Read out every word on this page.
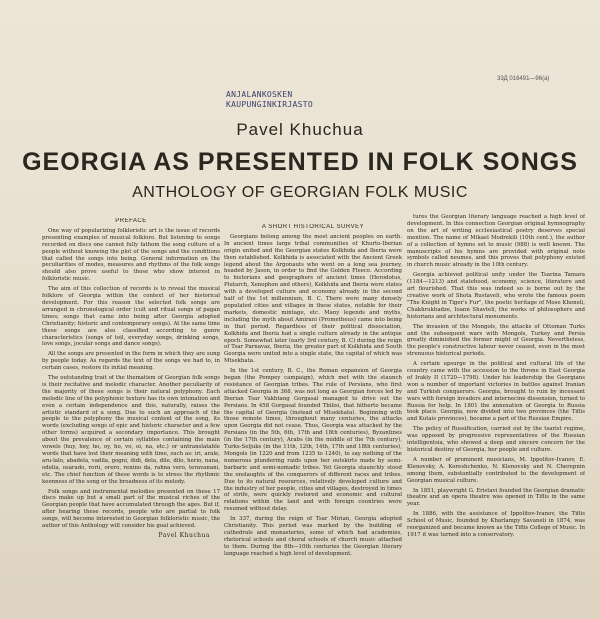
33Д 016491—96(а)
ANJALANKOSKEN
KAUPUNGINKIRJASTO
Pavel Khuchua
GEORGIA AS PRESENTED IN FOLK SONGS
ANTHOLOGY OF GEORGIAN FOLK MUSIC
PREFACE

One way of popularizing folkloristic art is the issue of records presenting examples of musical folklore. But listening to songs recorded on discs one cannot fully fathom the song culture of a people without knowing the plot of the songs and the conditions that called the songs into being. General information on the peculiarities of modes, measures and rhythms of the folk songs should also prove useful to those who show interest in folkloristic music.

The aim of this collection of records is to reveal the musical folklore of Georgia within the context of her historical development. For this reason the selected folk songs are arranged in chronological order (cult and ritual songs of pagan times; songs that came into being after Georgia adopted Christianity; historic and contemporary songs). At the same time these songs are also classified according to genre characteristics (songs of toil, everyday songs, drinking songs, love songs, jocular songs and dance songs).

All the songs are presented in the form in which they are sung by people today. As regards the text of the songs we had to, in certain cases, restore its initial meaning.

The outstanding trait of the thematism of Georgian folk songs is their recitative and melodic character. Another peculiarity of the majority of these songs is their natural polyphony. Each melodic line of the polyphonic texture has its own intonation and even a certain independence and this, naturally, raises the artistic standard of a song. Due to such an approach of the people to the polyphony the musical content of the song, its words (excluding songs of epic and historic character and a few other forms) acquired a secondary importance. This brought about the prevalence of certain syllables containing the main vowels (huy, hey, ho, oy, ho, vo, oi, na, etc.) or untranslatable words that have lost their meaning with time, such as: iri, arale, aru-lalo, abadela, vadila, gogni, didi, dela, dile, dilo, herio, nana, odelia, osarado, rerii, orero, renino da, rahna vero, teravanani, etc. The chief function of these words is to stress the rhythmic keenness of the song or the broadness of its melody.

Folk songs and instrumental melodies presented on these 17 discs make up but a small part of the musical riches of the Georgian people that have accumulated through the ages. But if, after hearing these records, people who are partial to folk songs, will become interested in Georgian folkloristic music, the author of this Anthology will consider his goal achieved.

Pavel Khuchua
A SHORT HISTORICAL SURVEY

Georgians belong among the most ancient peoples on earth. In ancient times large tribal communities of Khurto-Iberian origin united and the Georgian states Kolkhida and Iberia were then established. Kolkhida is associated with the Ancient Greek legend about the Argonauts who went on a long sea journey, headed by Jason, in order to find the Golden Fleece. According to historians and geographers of ancient times (Herodotus, Plutarch, Xenophon and others), Kolkhida and Iberia were states with a developed culture and economy already in the second half of the 1st millennium, B. C. There were many densely populated cities and villages in these states, notable for their markets, domestic mintage, etc. Many legends and myths, including the myth about Amirani (Prometheus) came into being in that period. Regardless of their political dissociation, Kolkhida and Iberia had a single culture already in the antique epoch. Somewhat later (early 3rd century, B. C) during the reign of Tsar Parnavaz, Iberia, the greater part of Kolkhida and South Georgia were united into a single state, the capital of which was Mtsekhata.

In the 1st century, B. C., the Roman expansion of Georgia began (the Pompey campaign), which met with the staunch resistance of Georgian tribes. The rule of Persians, who first attacked Georgia in 368, was not long as Georgian forces led by Iberian Tsar Vakhtang Gorgasal managed to drive out the Persians. In 458 Gorgasal founded Tbilisi, that hitherto became the capital of Georgia (instead of Mtsekhata). Beginning with those remote times, throughout many centuries, the attacks upon Georgia did not cease. Thus, Georgia was attacked by the Persians (in the 5th, 6th, 17th and 18th centuries), Byzantines (in the 17th century), Arabs (in the middle of the 7th century), Turks-Seljuks (in the 11th, 12th, 14th, 17th and 18th centuries), Mongols (in 1220 and from 1235 to 1240), to say nothing of the numerous plundering raids upon her outskirts made by semi-barbaric and semi-nomadic tribes. Yet Georgia staunchly stood the onslaughts of the conquerors of different races and tribes. Due to its natural resources, relatively developed culture and the industry of her people, cities and villages, destroyed in times of strife, were quickly restored and economic and cultural relations within the land and with foreign countries were resumed without delay.

In 337, during the reign of Tsar Mirian, Georgia adopted Christianity. This period was marked by the building of cathedrals and monasteries, some of which had academies, rhetorical schools and choral schools of church music attached to them. During the 8th—10th centuries the Georgian literary language reached a high level of development.

tures the Georgian literary language reached a high level of development. In this connection Georgian original hymnography on the art of writing ecclesiastical poetry deserves special mention. The name of Mikael Modrekili (10th cent.), the author of a collection of hymns set to music (988) is well known. The manuscripts of his hymns are provided with original note symbols called neumes, and this proves that polyphony existed in church music already in the 10th century.

Georgia achieved political unity under the Tsarina Tamara (1184—1213) and statehood, economy, science, literature and art flourished. That this was indeed so is borne out by the creative work of Shota Rustaveli, who wrote the famous poem "The Knight in Tiger's Fur", the poetic heritage of Mose Khoneli, Chakhrukhadze, Ioann Shavteli, the works of philosophers and historians and architectural monuments.

The invasion of the Mongols, the attacks of Ottoman Turks and the subsequent wars with Mongols, Turkey and Persia greatly diminished the former might of Georgia. Nevertheless, the people's constructive labour never ceased, even in the most strenuous historical periods.

A certain upsurge in the political and cultural life of the country came with the accession to the throne in East Georgia of Irakly II (1720—1798). Under his leadership the Georgians won a number of important victories in battles against Iranian and Turkish conquerors. Georgia, brought to ruin by incessant wars with foreign invaders and internecine dissension, turned to Russia for help. In 1801 the annexation of Georgia to Russia took place. Georgia, now divided into two provinces (the Tiflis and Kutais provinces), became a part of the Russian Empire.

The policy of Russification, carried out by the tsarist regime, was opposed by progressive representatives of the Russian intelligentsia, who showed a deep and sincere concern for the historical destiny of Georgia, her people and culture.

A number of prominent musicians, M. Ippolitov-Ivanov, E. Klenovsky, A. Koreshchenko, N. Klenovsky and N. Cherepnin among them, substantially contributed to the development of Georgian musical culture.

In 1851, playwright G. Eristavi founded the Georgian dramatic theatre and an opera theatre was opened in Tiflis in the same year.

In 1886, with the assistance of Ippolitov-Ivanov, the Tiflis School of Music, founded by Kharlampy Savaneli in 1874, was reorganized and became known as the Tiflis College of Music. In 1917 it was turned into a conservatory.
